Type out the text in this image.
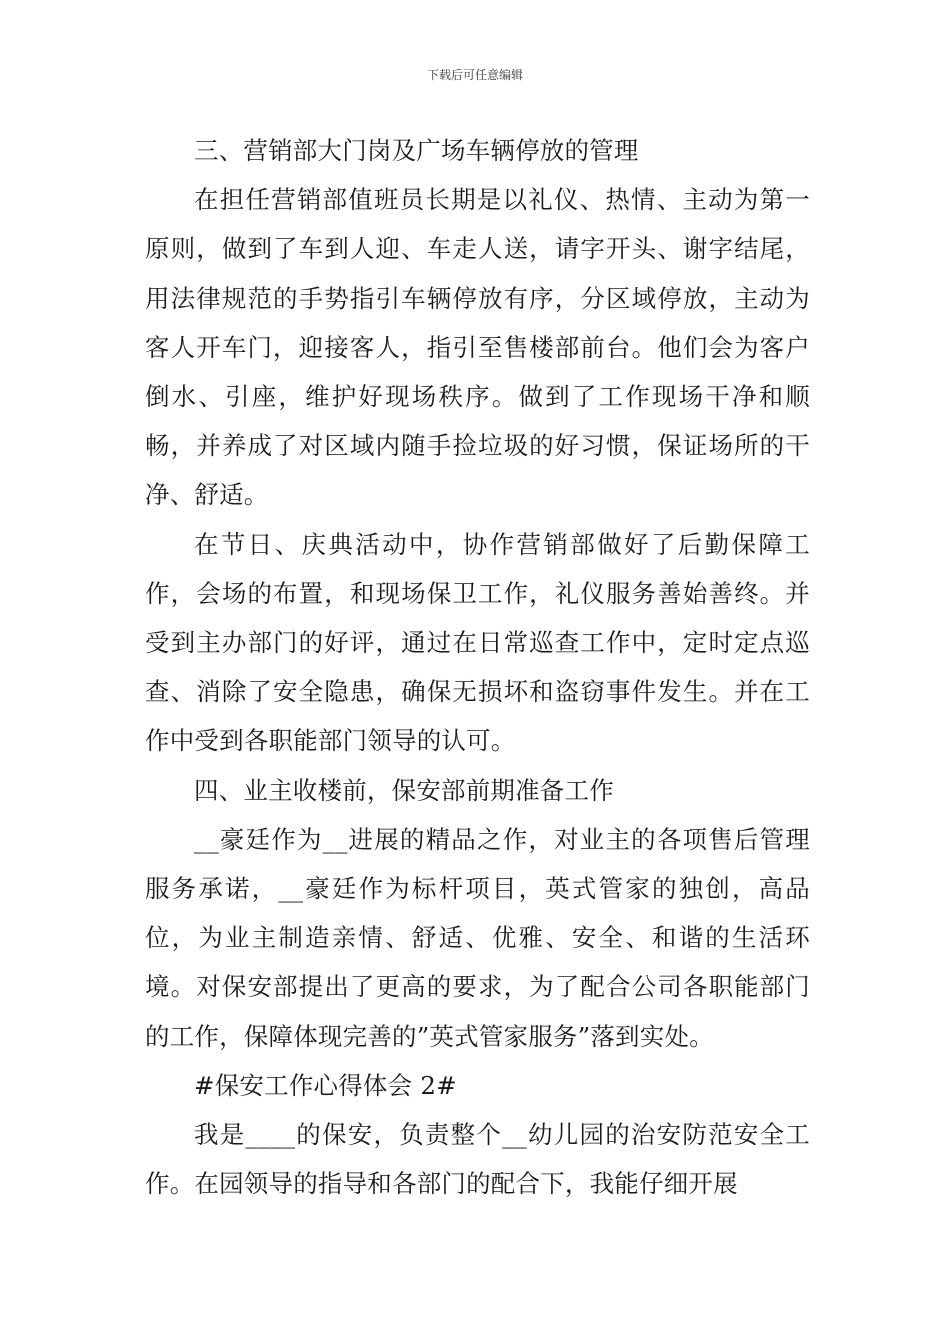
下载后可任意编辑

三、营销部大门岗及广场车辆停放的管理

在担任营销部值班员长期是以礼仪、热情、主动为第一原则，做到了车到人迎、车走人送，请字开头、谢字结尾，用法律规范的手势指引车辆停放有序，分区域停放，主动为客人开车门，迎接客人，指引至售楼部前台。他们会为客户倒水、引座，维护好现场秩序。做到了工作现场干净和顺畅，并养成了对区域内随手捡垃圾的好习惯，保证场所的干净、舒适。

在节日、庆典活动中，协作营销部做好了后勤保障工作，会场的布置，和现场保卫工作，礼仪服务善始善终。并受到主办部门的好评，通过在日常巡查工作中，定时定点巡查、消除了安全隐患，确保无损坏和盗窃事件发生。并在工作中受到各职能部门领导的认可。

四、业主收楼前，保安部前期准备工作

__豪廷作为__进展的精品之作，对业主的各项售后管理服务承诺，__豪廷作为标杆项目，英式管家的独创，高品位，为业主制造亲情、舒适、优雅、安全、和谐的生活环境。对保安部提出了更高的要求，为了配合公司各职能部门的工作，保障体现完善的”英式管家服务”落到实处。

#保安工作心得体会 2#

我是____的保安，负责整个__幼儿园的治安防范安全工作。在园领导的指导和各部门的配合下，我能仔细开展
